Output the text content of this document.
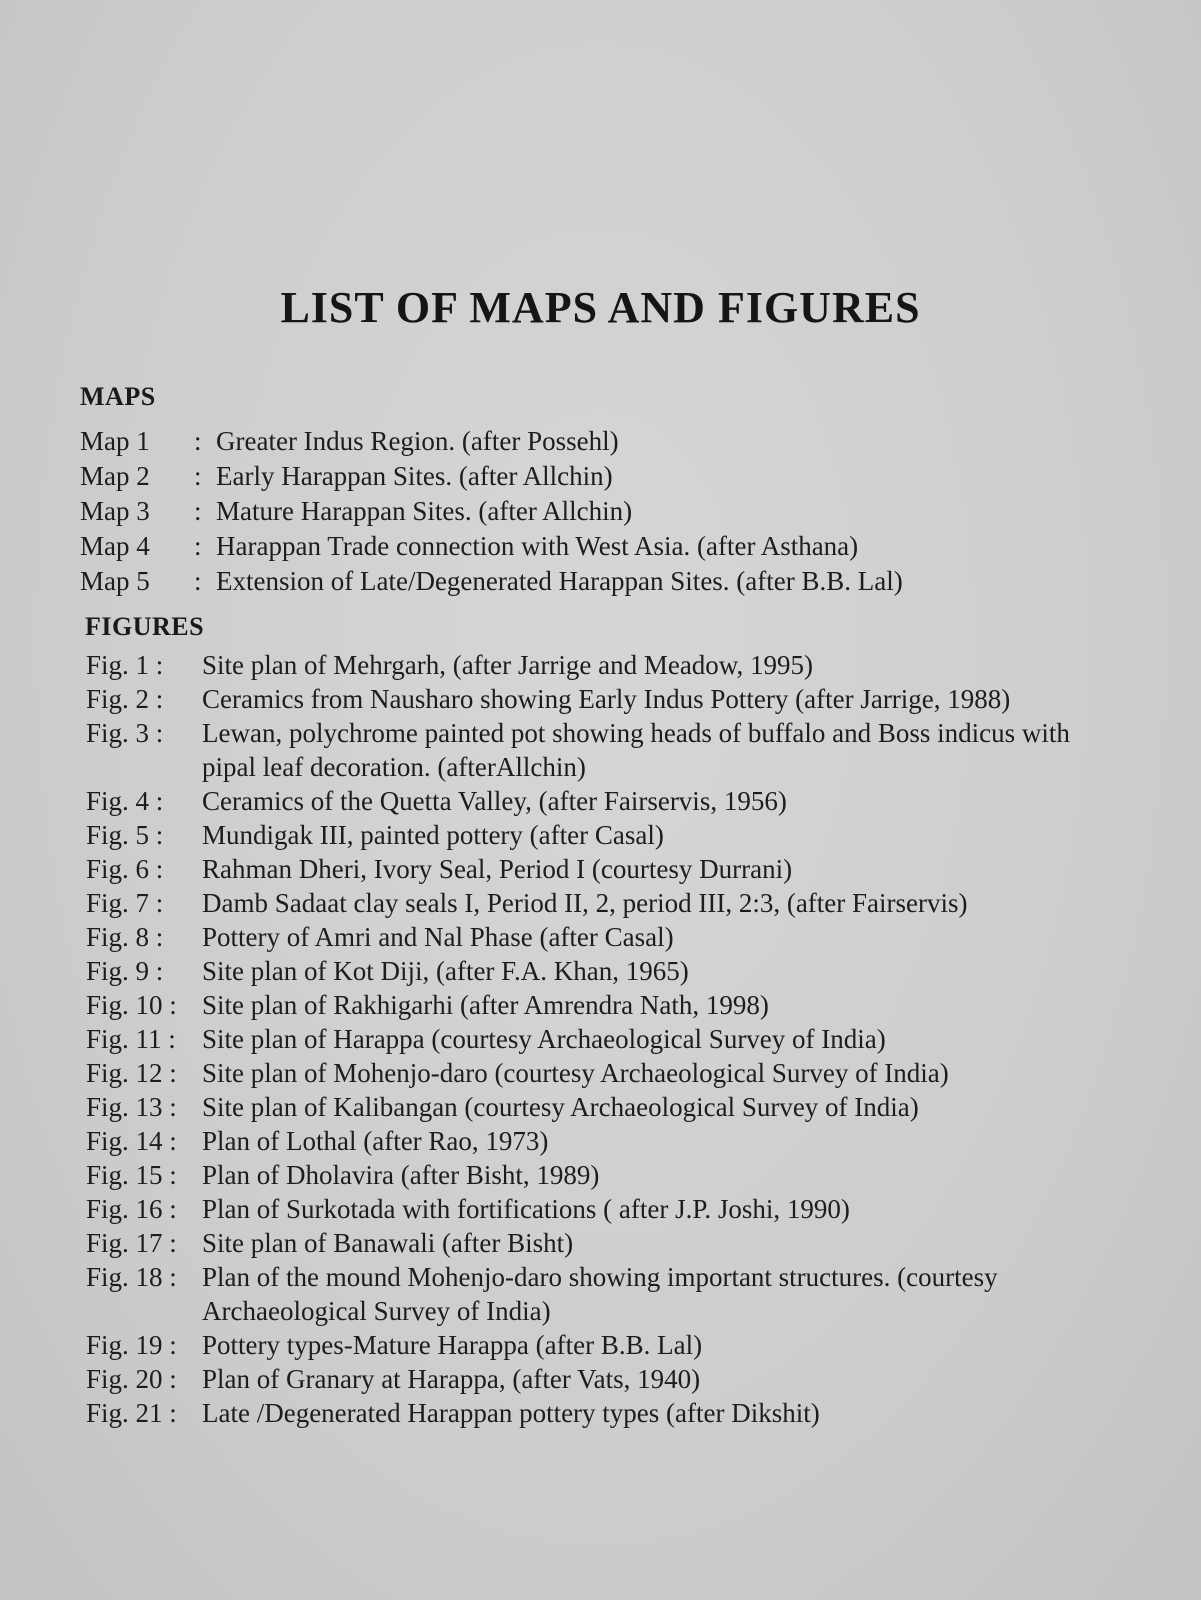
LIST OF MAPS AND FIGURES
MAPS
Map 1	: Greater Indus Region. (after Possehl)
Map 2	: Early Harappan Sites. (after Allchin)
Map 3	: Mature Harappan Sites. (after Allchin)
Map 4	: Harappan Trade connection with West Asia. (after Asthana)
Map 5	: Extension of Late/Degenerated Harappan Sites. (after B.B. Lal)
FIGURES
Fig. 1 :	Site plan of Mehrgarh, (after Jarrige and Meadow, 1995)
Fig. 2 :	Ceramics from Nausharo showing Early Indus Pottery (after Jarrige, 1988)
Fig. 3 :	Lewan, polychrome painted pot showing heads of buffalo and Boss indicus with pipal leaf decoration. (afterAllchin)
Fig. 4 :	Ceramics of the Quetta Valley, (after Fairservis, 1956)
Fig. 5 :	Mundigak III, painted pottery (after Casal)
Fig. 6 :	Rahman Dheri, Ivory Seal, Period I (courtesy Durrani)
Fig. 7 :	Damb Sadaat clay seals I, Period II, 2, period III, 2:3, (after Fairservis)
Fig. 8 :	Pottery of Amri and Nal Phase (after Casal)
Fig. 9 :	Site plan of Kot Diji, (after F.A. Khan, 1965)
Fig. 10 : Site plan of Rakhigarhi (after Amrendra Nath, 1998)
Fig. 11 : Site plan of Harappa (courtesy Archaeological Survey of India)
Fig. 12 : Site plan of Mohenjo-daro (courtesy Archaeological Survey of India)
Fig. 13 : Site plan of Kalibangan (courtesy Archaeological Survey of India)
Fig. 14 : Plan of Lothal (after Rao, 1973)
Fig. 15 : Plan of Dholavira (after Bisht, 1989)
Fig. 16 : Plan of Surkotada with fortifications ( after J.P. Joshi, 1990)
Fig. 17 : Site plan of Banawali (after Bisht)
Fig. 18 : Plan of the mound Mohenjo-daro showing important structures. (courtesy Archaeological Survey of India)
Fig. 19 : Pottery types-Mature Harappa (after B.B. Lal)
Fig. 20 : Plan of Granary at Harappa, (after Vats, 1940)
Fig. 21 : Late /Degenerated Harappan pottery types (after Dikshit)
